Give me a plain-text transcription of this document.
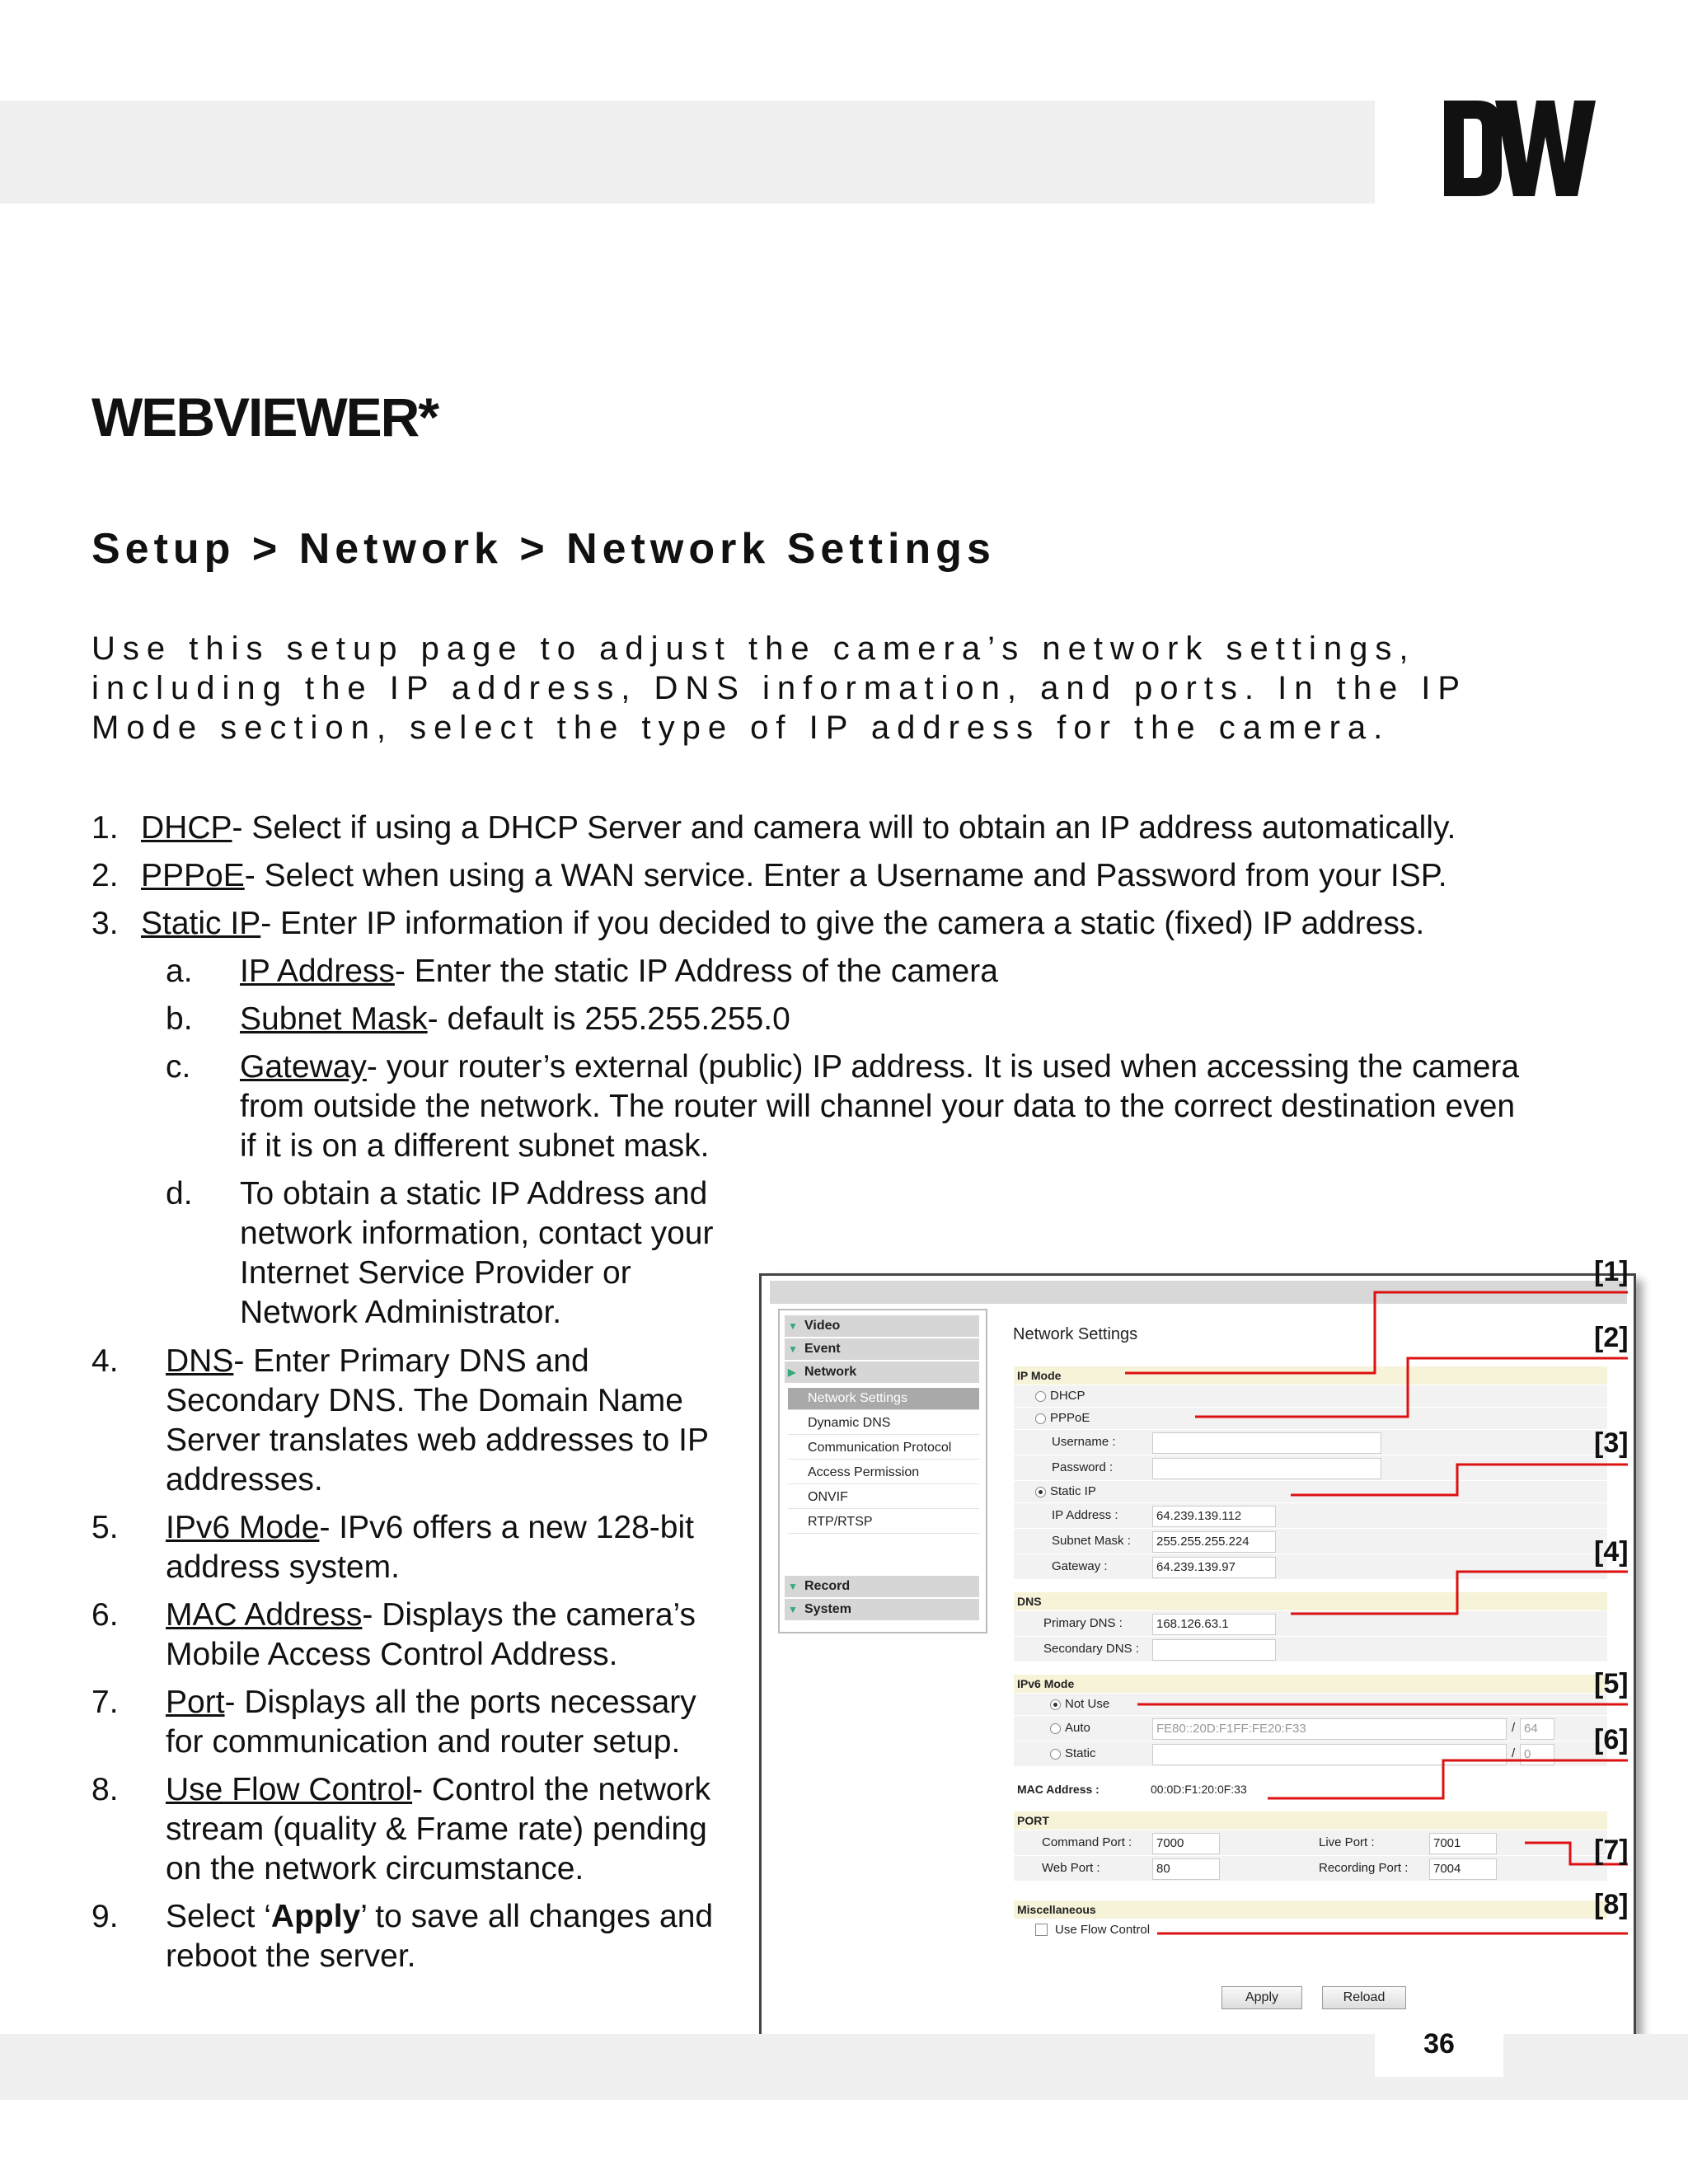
WEBVIEWER*
Setup > Network > Network Settings

Use this setup page to adjust the camera’s network settings, including the IP address, DNS information, and ports. In the IP Mode section, select the type of IP address for the camera.

1. DHCP- Select if using a DHCP Server and camera will to obtain an IP address automatically.
2. PPPoE- Select when using a WAN service. Enter a Username and Password from your ISP.
3. Static IP- Enter IP information if you decided to give the camera a static (fixed) IP address.
a. IP Address- Enter the static IP Address of the camera
b. Subnet Mask- default is 255.255.255.0
c. Gateway- your router’s external (public) IP address. It is used when accessing the camera
from outside the network. The router will channel your data to the correct destination even
if it is on a different subnet mask.
d. To obtain a static IP Address and
network information, contact your
Internet Service Provider or
Network Administrator.
4. DNS- Enter Primary DNS and
Secondary DNS. The Domain Name
Server translates web addresses to IP
addresses.
5. IPv6 Mode- IPv6 offers a new 128-bit
address system.
6. MAC Address- Displays the camera’s
Mobile Access Control Address.
7. Port- Displays all the ports necessary
for communication and router setup.
8. Use Flow Control- Control the network
stream (quality & Frame rate) pending
on the network circumstance.
9. Select ‘Apply’ to save all changes and
reboot the server.
▼ Video
▼ Event
▶ Network
Network Settings
Dynamic DNS
Communication Protocol
Access Permission
ONVIF
RTP/RTSP
▼ Record
▼ System
Network Settings
IP Mode
DHCP
PPPoE
Username :
Password :
Static IP
IP Address :	64.239.139.112
Subnet Mask :	255.255.255.224
Gateway :	64.239.139.97
DNS
Primary DNS :	168.126.63.1
Secondary DNS :
IPv6 Mode
Not Use
Auto	FE80::20D:F1FF:FE20:F33	/ 64
Static	/ 0
MAC Address :	00:0D:F1:20:0F:33
PORT
Command Port :	7000	Live Port :	7001
Web Port :	80	Recording Port :	7004
Miscellaneous
Use Flow Control
Apply	Reload
[1]
[2]
[3]
[4]
[5]
[6]
[7]
[8]
36
